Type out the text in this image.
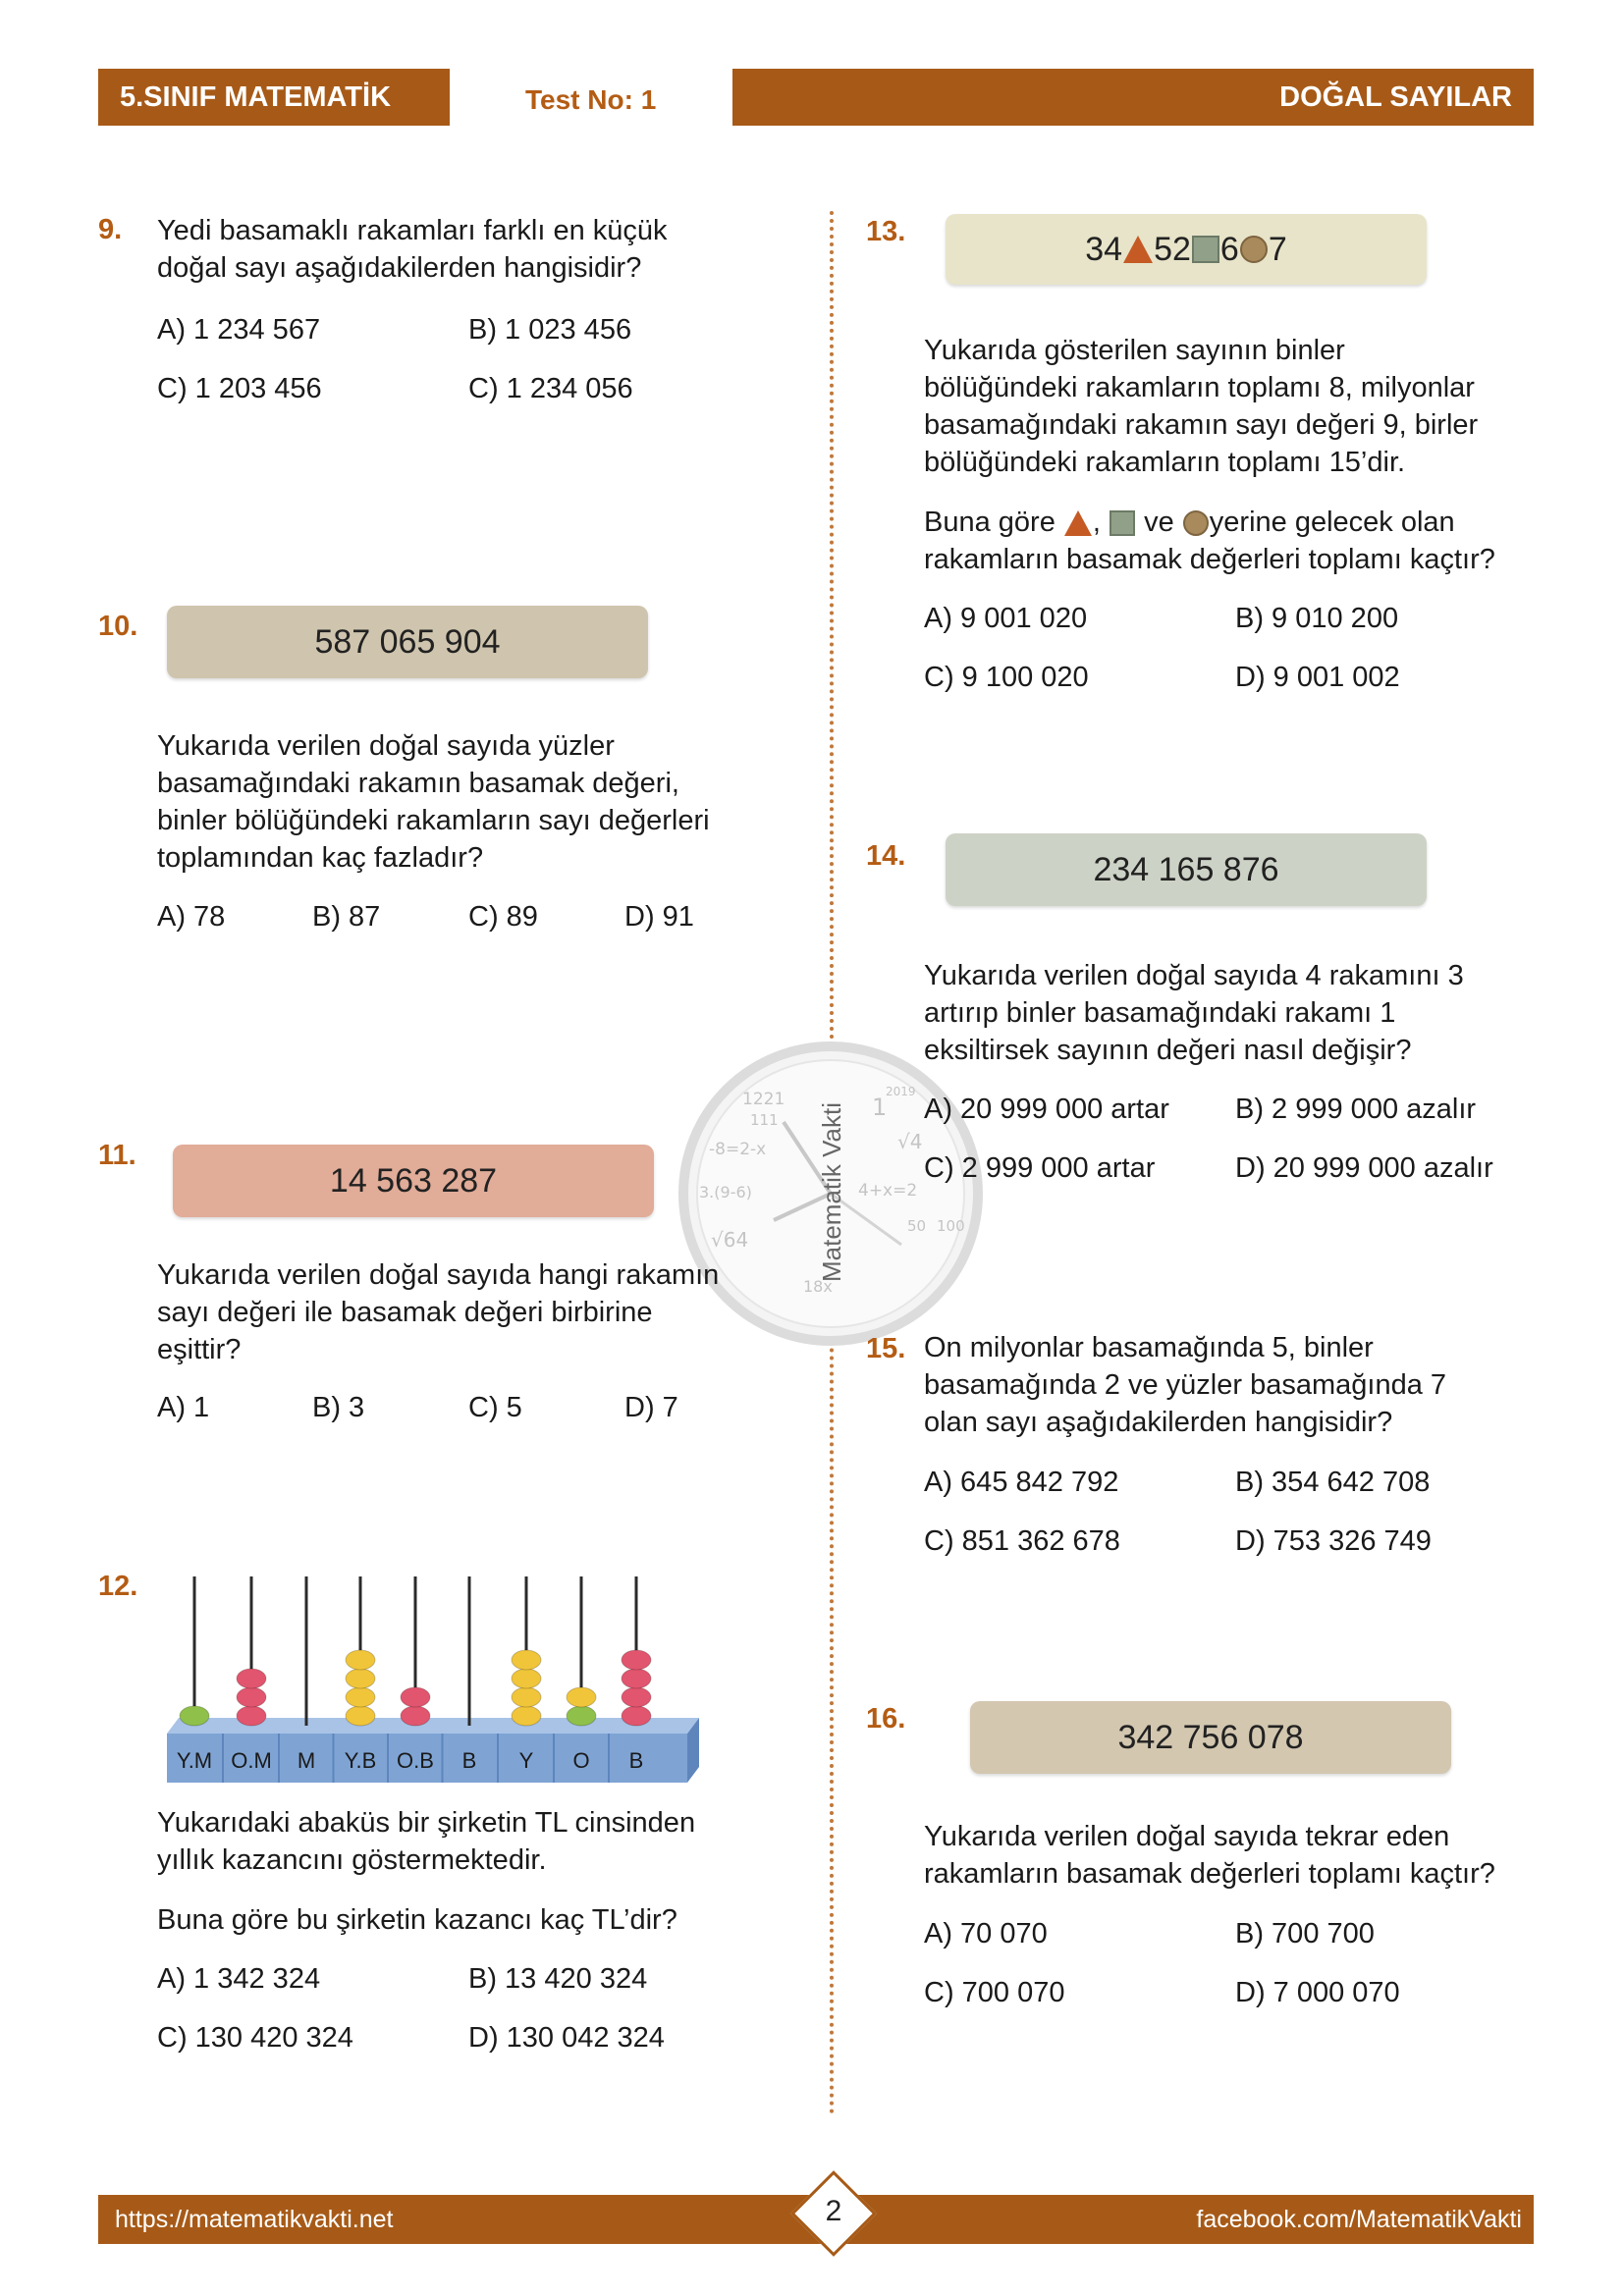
5.SINIF MATEMATİK	Test No: 1	DOĞAL SAYILAR
1221
111
-8=2-x
3.(9-6)
√64
4+x=2
1
2019
√4
50 100
18x
Matematik Vakti
9. Yedi basamaklı rakamları farklı en küçük
doğal sayı aşağıdakilerden hangisidir?
A) 1 234 567	B) 1 023 456
C) 1 203 456	C) 1 234 056
10.	587 065 904
Yukarıda verilen doğal sayıda yüzler
basamağındaki rakamın basamak değeri,
binler bölüğündeki rakamların sayı değerleri
toplamından kaç fazladır?
A) 78	B) 87	C) 89	D) 91
11.
14 563 287
Yukarıda verilen doğal sayıda hangi rakamın
sayı değeri ile basamak değeri birbirine
eşittir?
A) 1	B) 3	C) 5	D) 7
12.
Y.M O.M M Y.B O.B B Y O B
Yukarıdaki abaküs bir şirketin TL cinsinden
yıllık kazancını göstermektedir.
Buna göre bu şirketin kazancı kaç TL’dir?
A) 1 342 324	B) 13 420 324
C) 130 420 324	D) 130 042 324
13.	34 52 6 7
Yukarıda gösterilen sayının binler
bölüğündeki rakamların toplamı 8, milyonlar
basamağındaki rakamın sayı değeri 9, birler
bölüğündeki rakamların toplamı 15’dir.
Buna göre , ve yerine gelecek olan
rakamların basamak değerleri toplamı kaçtır?
A) 9 001 020	B) 9 010 200
C) 9 100 020	D) 9 001 002
14.	234 165 876
Yukarıda verilen doğal sayıda 4 rakamını 3
artırıp binler basamağındaki rakamı 1
eksiltirsek sayının değeri nasıl değişir?
A) 20 999 000 artar B) 2 999 000 azalır
C) 2 999 000 artar	D) 20 999 000 azalır
15. On milyonlar basamağında 5, binler
basamağında 2 ve yüzler basamağında 7
olan sayı aşağıdakilerden hangisidir?
A) 645 842 792	B) 354 642 708
C) 851 362 678	D) 753 326 749
16.	342 756 078
Yukarıda verilen doğal sayıda tekrar eden
rakamların basamak değerleri toplamı kaçtır?
A) 70 070	B) 700 700
C) 700 070	D) 7 000 070
https://matematikvakti.net	facebook.com/MatematikVakti
2
